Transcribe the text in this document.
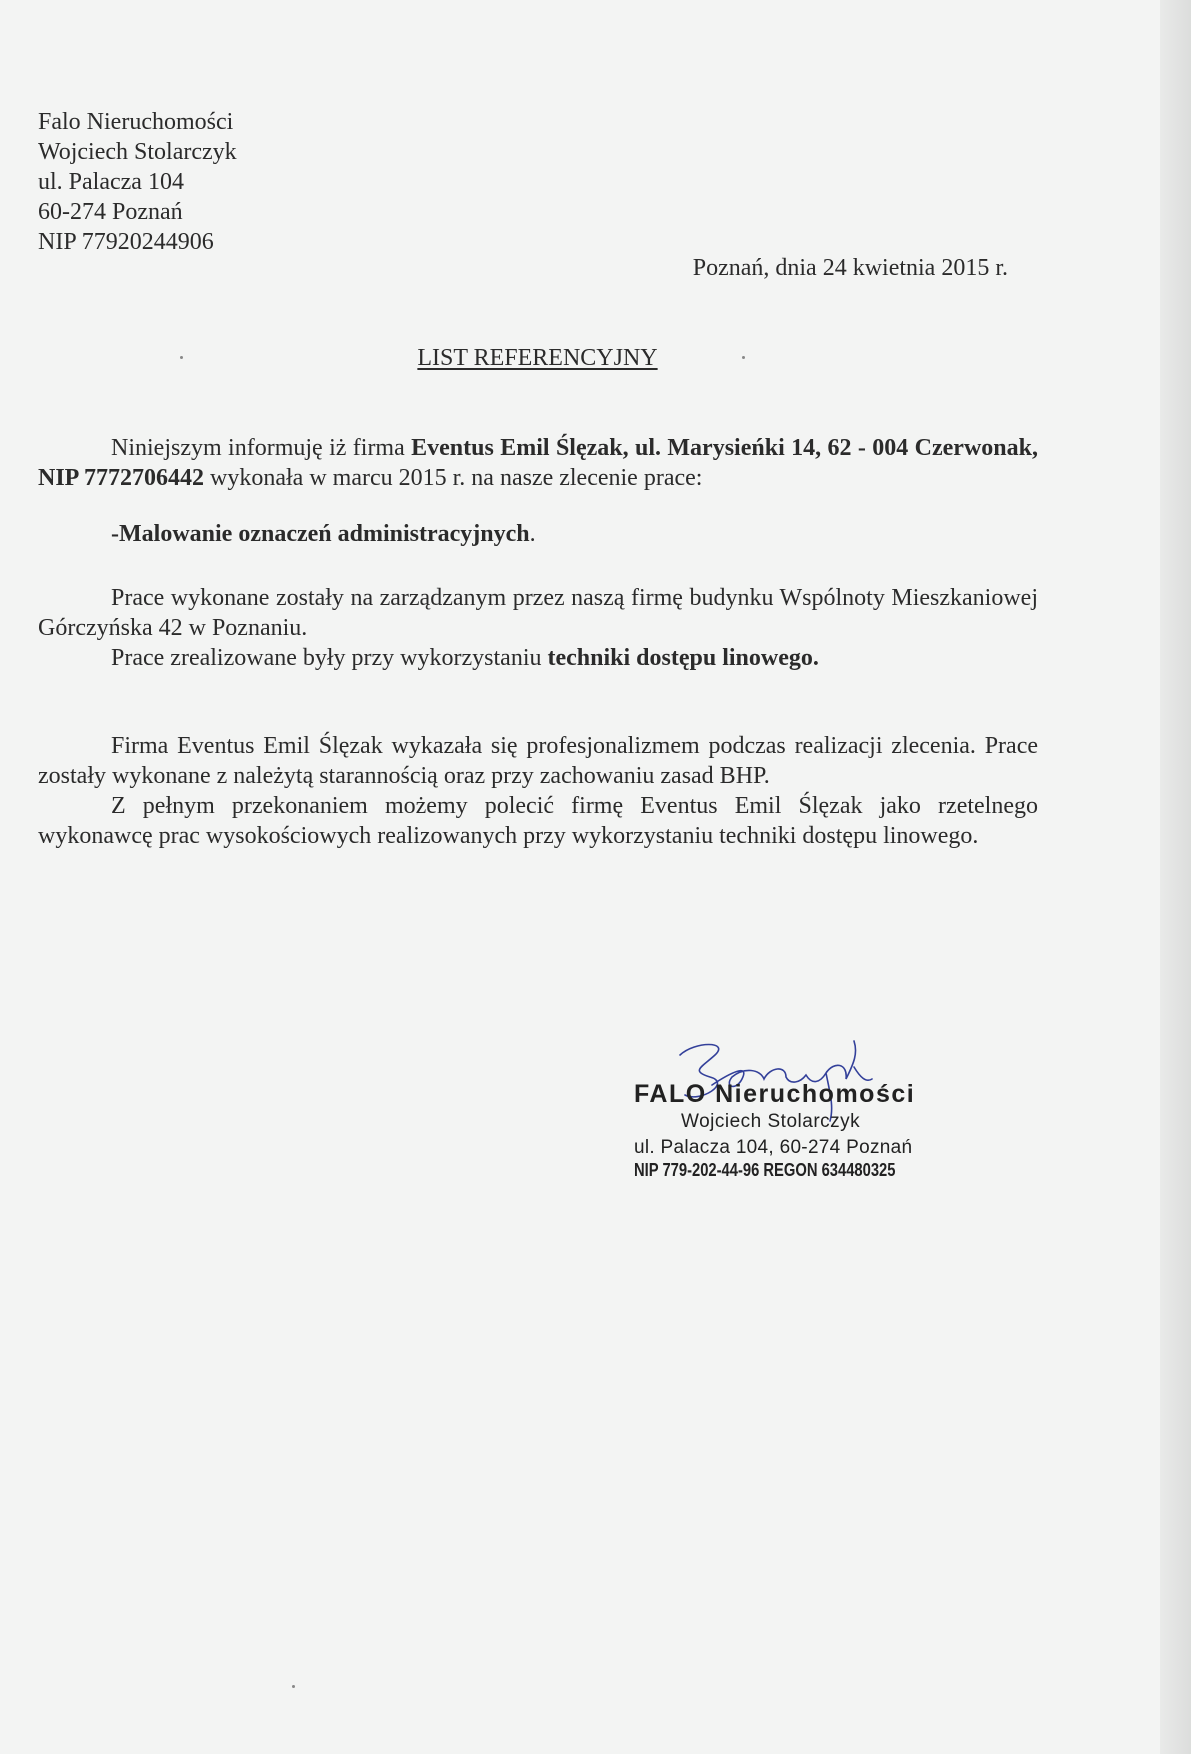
Falo Nieruchomości
Wojciech Stolarczyk
ul. Palacza 104
60-274 Poznań
NIP 77920244906
Poznań, dnia 24 kwietnia 2015 r.
LIST REFERENCYJNY
Niniejszym informuję iż firma Eventus Emil Ślęzak, ul. Marysieńki 14, 62 - 004 Czerwonak, NIP 7772706442 wykonała w marcu 2015 r. na nasze zlecenie prace:
-Malowanie oznaczeń administracyjnych.
Prace wykonane zostały na zarządzanym przez naszą firmę budynku Wspólnoty Mieszkaniowej Górczyńska 42 w Poznaniu.
Prace zrealizowane były przy wykorzystaniu techniki dostępu linowego.
Firma Eventus Emil Ślęzak wykazała się profesjonalizmem podczas realizacji zlecenia. Prace zostały wykonane z należytą starannością oraz przy zachowaniu zasad BHP.
Z pełnym przekonaniem możemy polecić firmę Eventus Emil Ślęzak jako rzetelnego wykonawcę prac wysokościowych realizowanych przy wykorzystaniu techniki dostępu linowego.
FALO Nieruchomości
Wojciech Stolarczyk
ul. Palacza 104, 60-274 Poznań
NIP 779-202-44-96 REGON 634480325
